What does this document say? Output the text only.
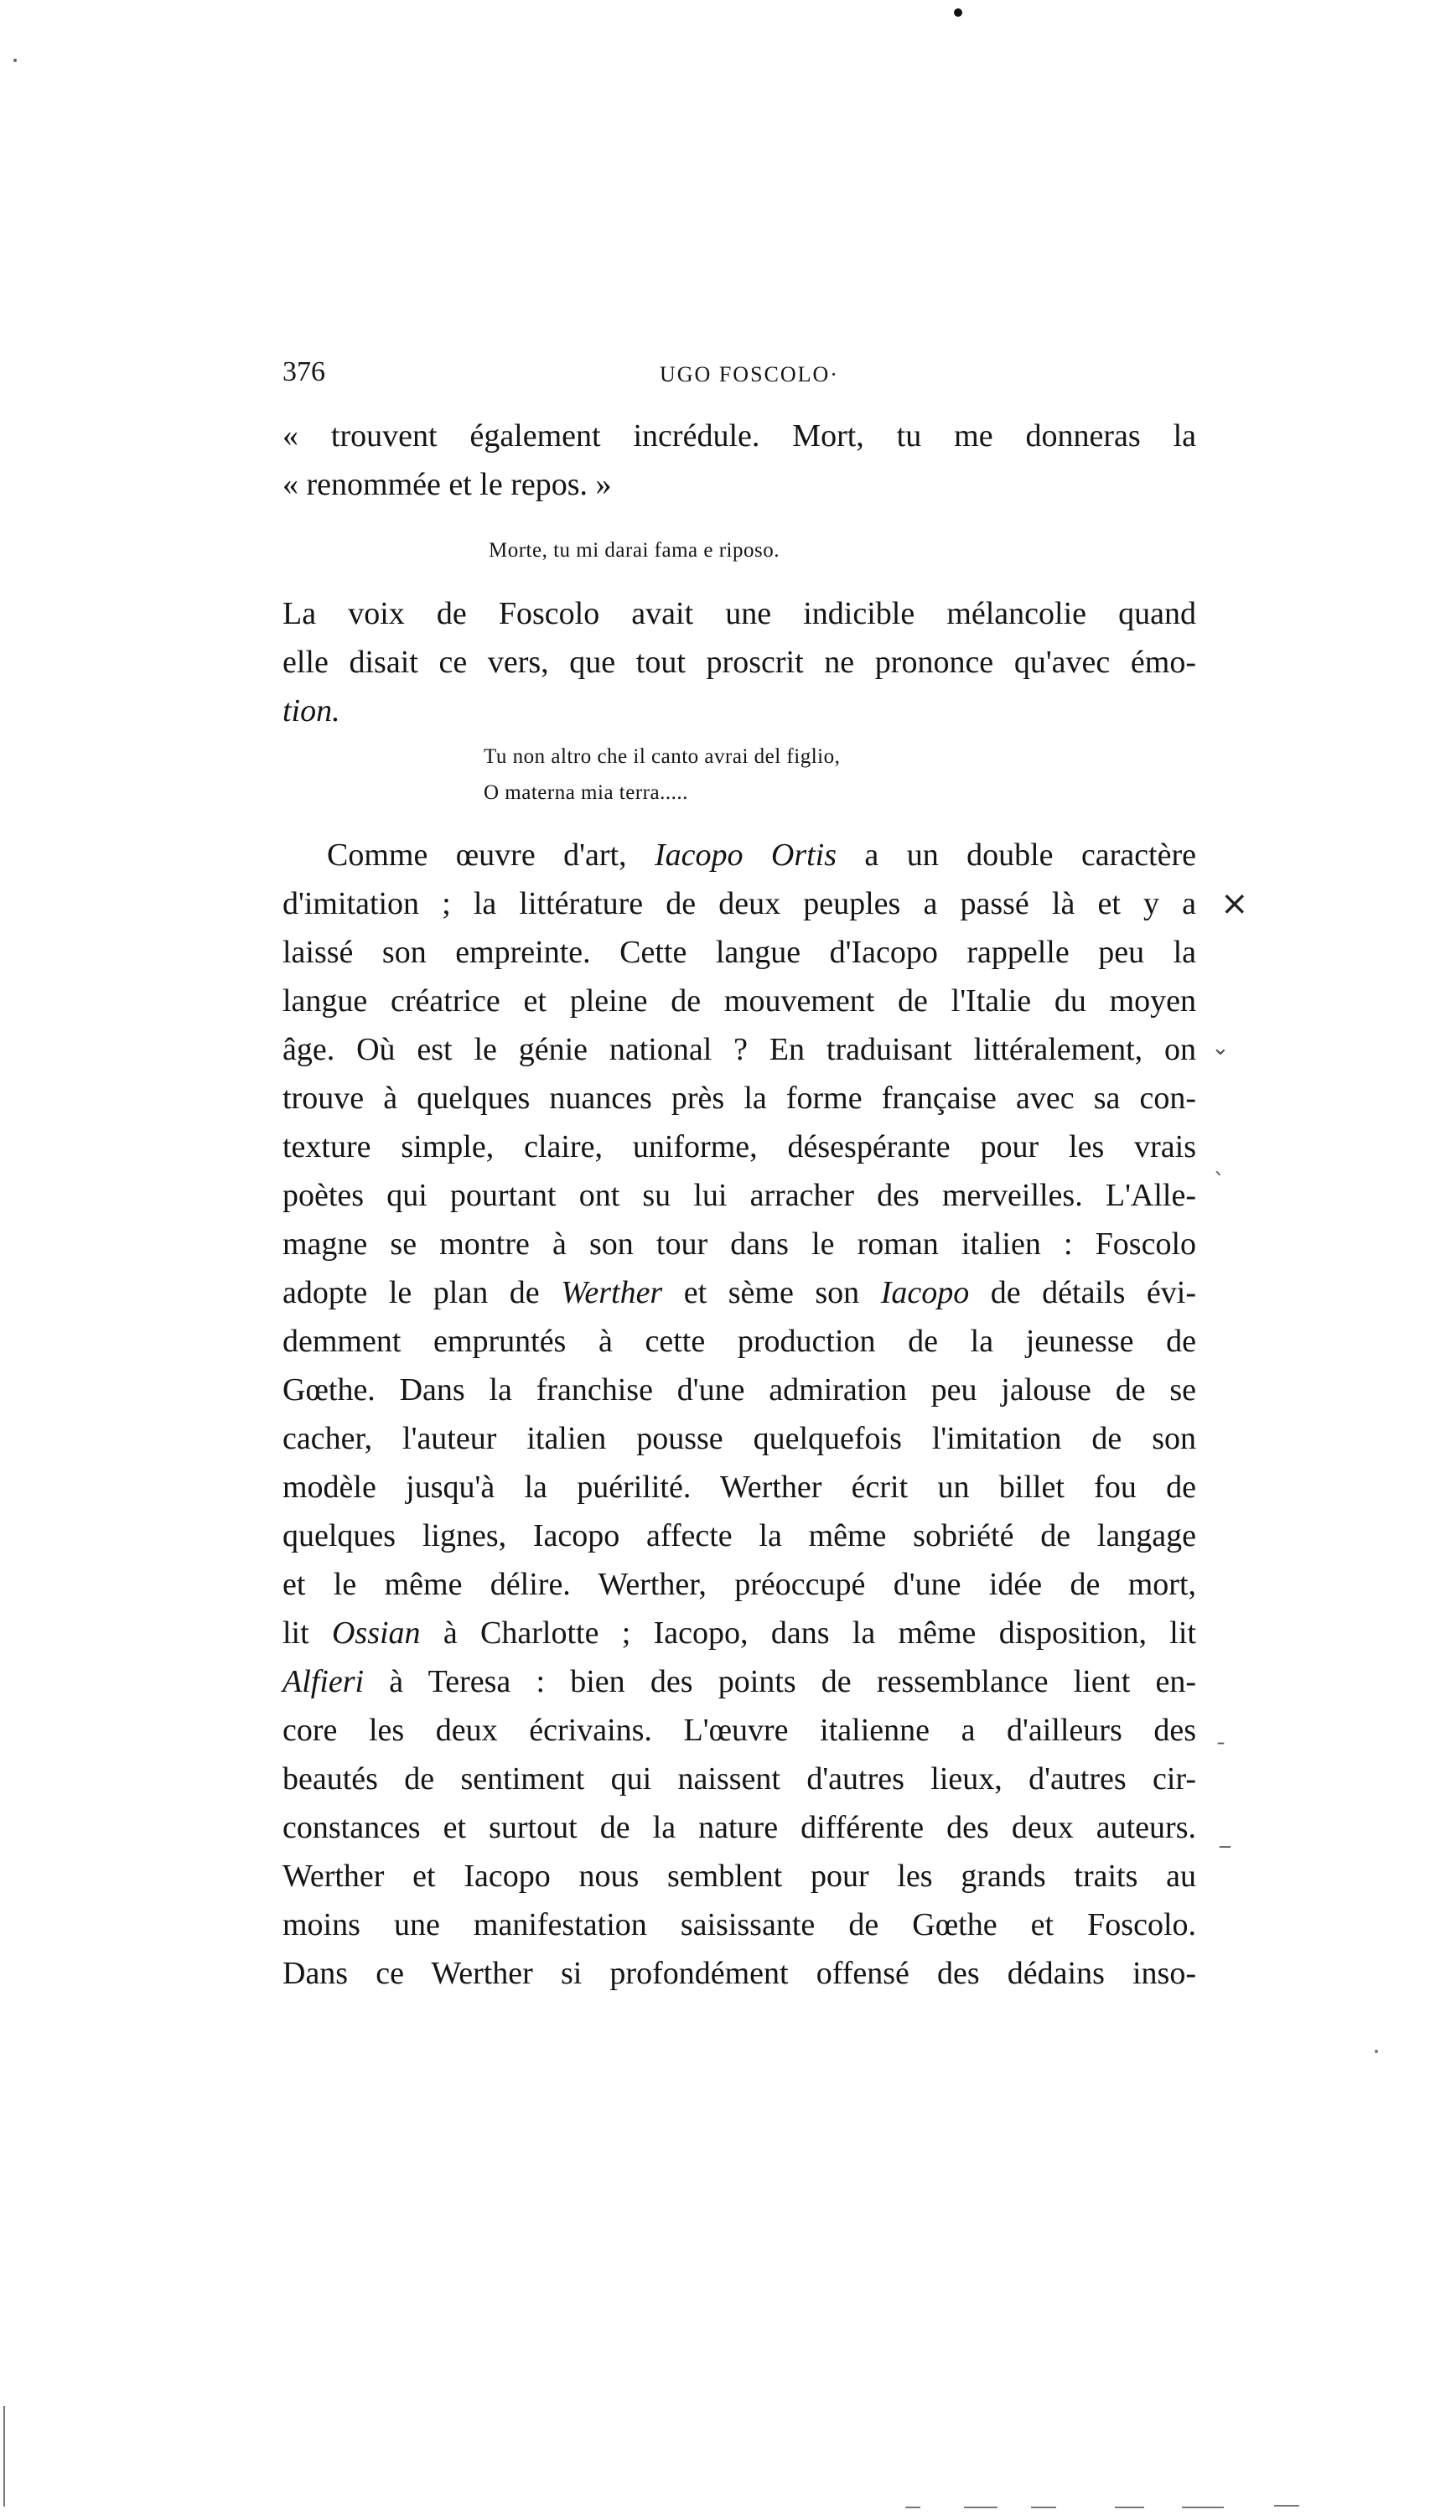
376	UGO FOSCOLO·
« trouvent également incrédule. Mort, tu me donneras la
« renommée et le repos. »
Morte, tu mi darai fama e riposo.
La voix de Foscolo avait une indicible mélancolie quand
elle disait ce vers, que tout proscrit ne prononce qu'avec émo-
tion.
Tu non altro che il canto avrai del figlio,
O materna mia terra.....
Comme œuvre d'art, Iacopo Ortis a un double caractère
d'imitation ; la littérature de deux peuples a passé là et y a
laissé son empreinte. Cette langue d'Iacopo rappelle peu la
langue créatrice et pleine de mouvement de l'Italie du moyen
âge. Où est le génie national ? En traduisant littéralement, on
trouve à quelques nuances près la forme française avec sa con-
texture simple, claire, uniforme, désespérante pour les vrais
poètes qui pourtant ont su lui arracher des merveilles. L'Alle-
magne se montre à son tour dans le roman italien : Foscolo
adopte le plan de Werther et sème son Iacopo de détails évi-
demment empruntés à cette production de la jeunesse de
Gœthe. Dans la franchise d'une admiration peu jalouse de se
cacher, l'auteur italien pousse quelquefois l'imitation de son
modèle jusqu'à la puérilité. Werther écrit un billet fou de
quelques lignes, Iacopo affecte la même sobriété de langage
et le même délire. Werther, préoccupé d'une idée de mort,
lit Ossian à Charlotte ; Iacopo, dans la même disposition, lit
Alfieri à Teresa : bien des points de ressemblance lient en-
core les deux écrivains. L'œuvre italienne a d'ailleurs des
beautés de sentiment qui naissent d'autres lieux, d'autres cir-
constances et surtout de la nature différente des deux auteurs.
Werther et Iacopo nous semblent pour les grands traits au
moins une manifestation saisissante de Gœthe et Foscolo.
Dans ce Werther si profondément offensé des dédains inso-
×
⌄
`
¯
_
